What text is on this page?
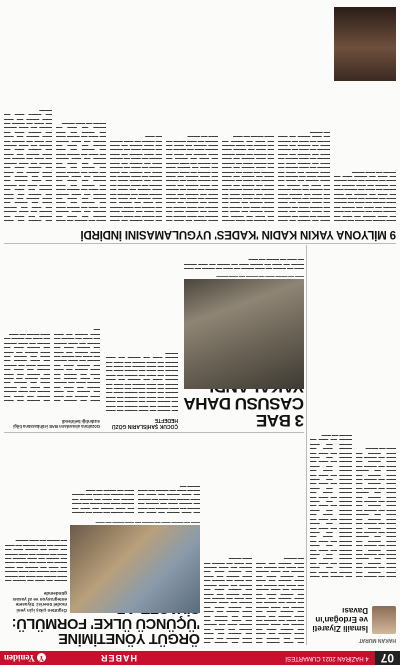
07
4 HAZİRAN 2021 CUMARTESİ
HABER
Y
Yeniden
HAKAN MURAT
İsmaili Ziyareti ve Erdoğan'ın Davası

▬▬▬ ▬▬ ▬▬▬▬ ▬▬ ▬▬▬ ▬▬▬▬ ▬▬ ▬▬▬ ▬▬ ▬▬▬▬ ▬▬ ▬▬▬ ▬▬▬▬ ▬▬ ▬▬▬ ▬▬ ▬▬▬▬ ▬▬▬ ▬▬ ▬▬▬▬ ▬▬ ▬▬▬ ▬▬▬▬ ▬▬ ▬▬▬ ▬▬ ▬▬▬▬ ▬▬ ▬▬▬ ▬▬▬▬ ▬▬ ▬▬▬ ▬▬ ▬▬▬▬ ▬▬▬ ▬▬ ▬▬▬▬ ▬▬ ▬▬▬ ▬▬▬▬ ▬▬ ▬▬▬ ▬▬ ▬▬▬▬ ▬▬ ▬▬▬ ▬▬▬▬ ▬▬ ▬▬▬ ▬▬ ▬▬▬▬ ▬▬▬ ▬▬ ▬▬▬▬ ▬▬ ▬▬▬ ▬▬▬▬ ▬▬ ▬▬▬ ▬▬ ▬▬▬▬ ▬▬ ▬▬▬ ▬▬▬▬ ▬▬ ▬▬▬ ▬▬ ▬▬▬▬ ▬▬▬ ▬▬ ▬▬▬▬ ▬▬ ▬▬▬ ▬▬▬▬ ▬▬ ▬▬▬ ▬▬ ▬▬▬▬ ▬▬ ▬▬▬ ▬▬▬▬ ▬▬ ▬▬▬ ▬▬ ▬▬▬▬ ▬▬▬ ▬▬ ▬▬▬▬ ▬▬ ▬▬▬ ▬▬▬▬ ▬▬ ▬▬▬ ▬▬ ▬▬▬▬ ▬▬ ▬▬▬ ▬▬▬▬ ▬▬ ▬▬▬ ▬▬ ▬▬▬▬

▬▬ ▬▬▬▬ ▬▬ ▬▬▬ ▬▬▬▬ ▬▬ ▬▬▬ ▬▬ ▬▬▬▬ ▬▬ ▬▬▬ ▬▬▬▬ ▬▬ ▬▬▬ ▬▬ ▬▬▬▬ ▬▬▬ ▬▬ ▬▬▬▬ ▬▬ ▬▬▬ ▬▬▬▬ ▬▬ ▬▬▬ ▬▬ ▬▬▬▬ ▬▬ ▬▬▬ ▬▬▬▬ ▬▬ ▬▬▬ ▬▬ ▬▬▬▬ ▬▬▬ ▬▬ ▬▬▬▬ ▬▬ ▬▬▬ ▬▬▬▬ ▬▬ ▬▬▬ ▬▬ ▬▬▬▬ ▬▬ ▬▬▬ ▬▬▬▬ ▬▬ ▬▬▬ ▬▬ ▬▬▬▬ ▬▬▬ ▬▬ ▬▬▬▬ ▬▬ ▬▬▬ ▬▬▬▬ ▬▬ ▬▬▬ ▬▬ ▬▬▬▬ ▬▬ ▬▬▬ ▬▬▬▬ ▬▬ ▬▬▬ ▬▬ ▬▬▬▬ ▬▬▬ ▬▬ ▬▬▬▬ ▬▬ ▬▬▬ ▬▬▬▬ ▬▬ ▬▬▬ ▬▬ ▬▬▬▬ ▬▬ ▬▬▬ ▬▬▬▬ ▬▬ ▬▬▬ ▬▬ ▬▬▬▬ ▬▬▬ ▬▬ ▬▬▬▬ ▬▬ ▬▬▬ ▬▬▬▬ ▬▬ ▬▬▬ ▬▬ ▬▬▬▬ ▬▬ ▬▬▬ ▬▬▬▬ ▬▬ ▬▬▬ ▬▬ ▬▬▬▬ ▬▬▬ ▬▬ ▬▬▬▬ ▬▬ ▬▬▬ ▬▬▬▬ ▬▬ ▬▬▬ ▬▬ ▬▬▬▬ ▬▬ ▬▬▬

▬▬ ▬▬▬ ▬▬▬▬ ▬▬ ▬▬▬ ▬▬ ▬▬▬▬ ▬▬ ▬▬▬ ▬▬▬▬ ▬▬ ▬▬▬ ▬▬ ▬▬▬▬ ▬▬▬ ▬▬ ▬▬▬▬ ▬▬ ▬▬▬ ▬▬▬▬ ▬▬ ▬▬▬ ▬▬ ▬▬▬▬ ▬▬ ▬▬▬ ▬▬▬▬ ▬▬ ▬▬▬ ▬▬ ▬▬▬▬ ▬▬▬ ▬▬ ▬▬▬▬ ▬▬ ▬▬▬ ▬▬▬▬ ▬▬ ▬▬▬ ▬▬ ▬▬▬▬ ▬▬ ▬▬▬ ▬▬▬▬ ▬▬ ▬▬▬ ▬▬ ▬▬▬▬ ▬▬▬ ▬▬ ▬▬▬▬ ▬▬ ▬▬▬ ▬▬▬▬ ▬▬ ▬▬▬ ▬▬ ▬▬▬▬ ▬▬ ▬▬▬ ▬▬▬▬ ▬▬ ▬▬▬ ▬▬ ▬▬▬▬ ▬▬▬ ▬▬ ▬▬▬▬ ▬▬ ▬▬▬ ▬▬▬▬ ▬▬ ▬▬▬ ▬▬ ▬▬▬▬ ▬▬ ▬▬▬ ▬▬▬▬ ▬▬ ▬▬▬ ▬▬ ▬▬▬▬

▬▬▬ ▬▬ ▬▬▬▬ ▬▬ ▬▬▬ ▬▬▬▬ ▬▬ ▬▬▬ ▬▬ ▬▬▬▬ ▬▬ ▬▬▬ ▬▬▬▬ ▬▬ ▬▬▬ ▬▬ ▬▬▬▬ ▬▬▬ ▬▬ ▬▬▬▬ ▬▬ ▬▬▬ ▬▬▬▬ ▬▬ ▬▬▬ ▬▬ ▬▬▬▬ ▬▬ ▬▬▬ ▬▬▬▬ ▬▬ ▬▬▬ ▬▬ ▬▬▬▬ ▬▬▬ ▬▬ ▬▬▬▬ ▬▬ ▬▬▬ ▬▬▬▬ ▬▬ ▬▬▬ ▬▬ ▬▬▬▬ ▬▬ ▬▬▬ ▬▬▬▬ ▬▬ ▬▬▬ ▬▬ ▬▬▬▬ ▬▬▬ ▬▬ ▬▬▬▬ ▬▬ ▬▬▬ ▬▬▬▬ ▬▬ ▬▬▬ ▬▬ ▬▬▬▬ ▬▬ ▬▬▬ ▬▬▬▬ ▬▬ ▬▬▬ ▬▬ ▬▬▬▬ ▬▬▬ ▬▬ ▬▬▬▬ ▬▬ ▬▬▬ ▬▬▬▬ ▬▬ ▬▬▬ ▬▬ ▬▬▬▬ ▬▬ ▬▬▬ ▬▬▬▬

ÖRGÜT YÖNETİMİNE 'ÜÇÜNCÜ ÜLKE' FORMÜLÜ:
Örgütten çıkış için yeni model önerisi: Siyasete entegrasyon ve af yasası gündemde
▬▬▬ ▬▬ ▬▬▬▬ ▬▬▬ ▬▬ ▬▬▬▬ ▬▬ ▬▬▬ ▬▬▬▬ ▬▬ ▬▬▬

▬▬▬▬ ▬▬ ▬▬▬ ▬▬ ▬▬▬▬ ▬▬ ▬▬▬ ▬▬▬▬ ▬▬ ▬▬▬ ▬▬ ▬▬▬▬ ▬▬▬ ▬▬ ▬▬▬▬ ▬▬ ▬▬▬ ▬▬▬▬ ▬▬ ▬▬▬ ▬▬ ▬▬▬▬ ▬▬ ▬▬▬ ▬▬▬▬ ▬▬ ▬▬▬ ▬▬ ▬▬▬▬ ▬▬▬ ▬▬ ▬▬▬▬ ▬▬ ▬▬▬ ▬▬▬▬ ▬▬ ▬▬▬ ▬▬ ▬▬▬▬ ▬▬ ▬▬▬ ▬▬▬▬ ▬▬ ▬▬▬ ▬▬ ▬▬▬▬ ▬▬▬ ▬▬ ▬▬▬▬ ▬▬ ▬▬▬ ▬▬▬▬ ▬▬ ▬▬▬ ▬▬ ▬▬▬▬ ▬▬ ▬▬▬ ▬▬▬▬

▬▬ ▬▬▬ ▬▬▬▬ ▬▬ ▬▬▬ ▬▬ ▬▬▬▬ ▬▬ ▬▬▬ ▬▬▬▬ ▬▬ ▬▬▬ ▬▬ ▬▬▬▬ ▬▬▬ ▬▬ ▬▬▬▬ ▬▬ ▬▬▬ ▬▬▬▬ ▬▬ ▬▬▬ ▬▬ ▬▬▬▬ ▬▬ ▬▬▬ ▬▬▬▬ ▬▬ ▬▬▬ ▬▬ ▬▬▬▬ ▬▬▬ ▬▬ ▬▬▬▬ ▬▬ ▬▬▬ ▬▬▬▬ ▬▬

▬▬▬ ▬▬▬▬ ▬▬ ▬▬▬ ▬▬ ▬▬▬▬ ▬▬ ▬▬▬ ▬▬▬▬ ▬▬ ▬▬▬ ▬▬ ▬▬▬▬ ▬▬▬ ▬▬ ▬▬▬▬ ▬▬ ▬▬▬ ▬▬▬▬ ▬▬ ▬▬▬ ▬▬ ▬▬▬▬ ▬▬ ▬▬▬ ▬▬▬▬ ▬▬ ▬▬▬ ▬▬ ▬▬▬▬ ▬▬▬ ▬▬ ▬▬▬▬ ▬▬ ▬▬▬

3 BAE CASUSU DAHA
▬▬▬ ▬▬ ▬▬▬▬ ▬▬▬ ▬▬ ▬▬▬▬ ▬▬ ▬▬▬ ▬▬▬▬
ÇOCUK ŞAHİSLARIN GÖZÜ HEDEFTE
Gözaltına alınanların BAE istihbaratına bilgi sızdırdığı belirlendi

▬▬ ▬▬▬▬ ▬▬ ▬▬▬ ▬▬▬▬ ▬▬ ▬▬▬ ▬▬ ▬▬▬▬ ▬▬ ▬▬▬ ▬▬▬▬ ▬▬ ▬▬▬ ▬▬ ▬▬▬▬ ▬▬▬ ▬▬ ▬▬▬▬ ▬▬ ▬▬▬ ▬▬▬▬ ▬▬ ▬▬▬ ▬▬ ▬▬▬▬ ▬▬ ▬▬▬ ▬▬▬▬ ▬▬ ▬▬▬ ▬▬ ▬▬▬▬ ▬▬▬ ▬▬ ▬▬▬▬ ▬▬ ▬▬▬ ▬▬▬▬ ▬▬ ▬▬▬ ▬▬ ▬▬▬▬ ▬▬ ▬▬▬ ▬▬▬▬ ▬▬ ▬▬▬ ▬▬ ▬▬▬▬ ▬▬▬ ▬▬ ▬▬▬▬ ▬▬ ▬▬▬ ▬▬▬▬ ▬▬ ▬▬▬ ▬▬ ▬▬▬▬ ▬▬ ▬▬▬ ▬▬▬▬ ▬▬ ▬▬▬ ▬▬ ▬▬▬▬ ▬▬▬ ▬▬ ▬▬▬▬ ▬▬ ▬▬▬ ▬▬▬▬ ▬▬ ▬▬▬ ▬▬ ▬▬▬▬ ▬▬ ▬▬▬ ▬▬▬▬ ▬▬ ▬▬▬ ▬▬ ▬▬▬▬ ▬▬▬ ▬▬ ▬▬▬▬ ▬▬ ▬▬▬ ▬▬▬▬

▬▬▬ ▬▬ ▬▬▬▬ ▬▬ ▬▬▬ ▬▬▬▬ ▬▬ ▬▬▬ ▬▬ ▬▬▬▬ ▬▬ ▬▬▬ ▬▬▬▬ ▬▬ ▬▬▬ ▬▬ ▬▬▬▬ ▬▬▬ ▬▬ ▬▬▬▬ ▬▬ ▬▬▬ ▬▬▬▬ ▬▬ ▬▬▬ ▬▬ ▬▬▬▬ ▬▬ ▬▬▬ ▬▬▬▬ ▬▬ ▬▬▬ ▬▬ ▬▬▬▬ ▬▬▬ ▬▬ ▬▬▬▬ ▬▬ ▬▬▬ ▬▬▬▬ ▬▬ ▬▬▬ ▬▬ ▬▬▬▬ ▬▬ ▬▬▬ ▬▬▬▬ ▬▬ ▬▬▬ ▬▬ ▬▬▬▬ ▬▬▬ ▬▬ ▬▬▬▬ ▬▬ ▬▬▬ ▬▬▬▬ ▬▬ ▬▬▬ ▬▬ ▬▬▬▬ ▬▬ ▬▬▬ ▬▬▬▬ ▬▬ ▬▬▬ ▬▬

▬▬ ▬▬▬▬ ▬▬ ▬▬▬ ▬▬▬▬ ▬▬ ▬▬▬ ▬▬ ▬▬▬▬ ▬▬ ▬▬▬ ▬▬▬▬ ▬▬ ▬▬▬ ▬▬ ▬▬▬▬ ▬▬▬ ▬▬ ▬▬▬▬ ▬▬ ▬▬▬ ▬▬▬▬ ▬▬ ▬▬▬ ▬▬ ▬▬▬▬ ▬▬ ▬▬▬ ▬▬▬▬ ▬▬ ▬▬▬ ▬▬ ▬▬▬▬ ▬▬▬ ▬▬ ▬▬▬▬ ▬▬ ▬▬▬ ▬▬▬▬ ▬▬ ▬▬▬ ▬▬ ▬▬▬▬ ▬▬ ▬▬▬ ▬▬▬▬ ▬▬ ▬▬▬ ▬▬ ▬▬▬▬ ▬▬▬ ▬▬ ▬▬▬▬ ▬▬ ▬▬▬ ▬▬▬▬ ▬▬ ▬▬▬ ▬▬ ▬▬▬▬ ▬▬ ▬▬▬ ▬▬▬▬ ▬▬ ▬▬▬

▬▬▬ ▬▬ ▬▬▬▬ ▬▬ ▬▬▬ ▬▬▬▬ ▬▬ ▬▬▬ ▬▬ ▬▬▬▬ ▬▬ ▬▬▬ ▬▬▬▬ ▬▬ ▬▬▬ ▬▬ ▬▬▬▬ ▬▬▬ ▬▬ ▬▬▬▬ ▬▬ ▬▬▬ ▬▬▬▬ ▬▬ ▬▬▬ ▬▬ ▬▬▬▬ ▬▬ ▬▬▬

9 MİLYONA YAKIN KADIN 'KADES' UYGULAMASINI İNDİRDİ

▬▬▬ ▬▬ ▬▬▬▬ ▬▬ ▬▬▬ ▬▬▬▬ ▬▬ ▬▬▬ ▬▬ ▬▬▬▬ ▬▬ ▬▬▬ ▬▬▬▬ ▬▬ ▬▬▬ ▬▬ ▬▬▬▬ ▬▬▬ ▬▬ ▬▬▬▬ ▬▬ ▬▬▬ ▬▬▬▬ ▬▬ ▬▬▬ ▬▬ ▬▬▬▬ ▬▬ ▬▬▬ ▬▬▬▬ ▬▬ ▬▬▬ ▬▬ ▬▬▬▬ ▬▬▬ ▬▬ ▬▬▬▬ ▬▬ ▬▬▬ ▬▬▬▬ ▬▬ ▬▬▬ ▬▬ ▬▬▬▬ ▬▬ ▬▬▬ ▬▬▬▬ ▬▬ ▬▬▬ ▬▬ ▬▬▬▬ ▬▬▬ ▬▬ ▬▬▬▬ ▬▬ ▬▬▬ ▬▬▬▬ ▬▬ ▬▬▬ ▬▬ ▬▬▬▬ ▬▬ ▬▬▬ ▬▬▬▬ ▬▬ ▬▬▬ ▬▬ ▬▬▬▬ ▬▬▬ ▬▬ ▬▬▬▬ ▬▬ ▬▬▬ ▬▬▬▬ ▬▬ ▬▬▬ ▬▬ ▬▬▬▬ ▬▬ ▬▬▬ ▬▬▬▬ ▬▬ ▬▬▬ ▬▬ ▬▬▬▬ ▬▬▬ ▬▬ ▬▬▬▬ ▬▬ ▬▬▬ ▬▬▬▬ ▬▬ ▬▬▬ ▬▬ ▬▬▬▬ ▬▬ ▬▬▬ ▬▬▬▬ ▬▬ ▬▬▬ ▬▬ ▬▬▬▬

▬▬ ▬▬▬▬ ▬▬ ▬▬▬ ▬▬▬▬ ▬▬ ▬▬▬ ▬▬ ▬▬▬▬ ▬▬ ▬▬▬ ▬▬▬▬ ▬▬ ▬▬▬ ▬▬ ▬▬▬▬ ▬▬▬ ▬▬ ▬▬▬▬ ▬▬ ▬▬▬ ▬▬▬▬ ▬▬ ▬▬▬ ▬▬ ▬▬▬▬ ▬▬ ▬▬▬ ▬▬▬▬ ▬▬ ▬▬▬ ▬▬ ▬▬▬▬ ▬▬▬ ▬▬ ▬▬▬▬ ▬▬ ▬▬▬ ▬▬▬▬ ▬▬ ▬▬▬ ▬▬ ▬▬▬▬ ▬▬ ▬▬▬ ▬▬▬▬ ▬▬ ▬▬▬ ▬▬ ▬▬▬▬ ▬▬▬ ▬▬ ▬▬▬▬ ▬▬ ▬▬▬ ▬▬▬▬ ▬▬ ▬▬▬ ▬▬ ▬▬▬▬ ▬▬ ▬▬▬ ▬▬▬▬ ▬▬ ▬▬▬ ▬▬ ▬▬▬▬ ▬▬▬ ▬▬ ▬▬▬▬ ▬▬ ▬▬▬ ▬▬▬▬ ▬▬ ▬▬▬ ▬▬ ▬▬▬▬ ▬▬ ▬▬▬ ▬▬▬▬ ▬▬ ▬▬▬ ▬▬ ▬▬▬▬ ▬▬▬ ▬▬ ▬▬▬▬ ▬▬ ▬▬▬ ▬▬▬▬ ▬▬ ▬▬▬ ▬▬ ▬▬▬▬ ▬▬ ▬▬▬ ▬▬▬▬ ▬▬ ▬▬▬

▬▬▬ ▬▬▬▬ ▬▬ ▬▬▬ ▬▬ ▬▬▬▬ ▬▬ ▬▬▬ ▬▬▬▬ ▬▬ ▬▬▬ ▬▬ ▬▬▬▬ ▬▬▬ ▬▬ ▬▬▬▬ ▬▬ ▬▬▬ ▬▬▬▬ ▬▬ ▬▬▬ ▬▬ ▬▬▬▬ ▬▬ ▬▬▬ ▬▬▬▬ ▬▬ ▬▬▬ ▬▬ ▬▬▬▬ ▬▬▬ ▬▬ ▬▬▬▬ ▬▬ ▬▬▬ ▬▬▬▬ ▬▬ ▬▬▬ ▬▬ ▬▬▬▬ ▬▬ ▬▬▬ ▬▬▬▬ ▬▬ ▬▬▬ ▬▬ ▬▬▬▬ ▬▬▬ ▬▬ ▬▬▬▬ ▬▬ ▬▬▬ ▬▬▬▬ ▬▬ ▬▬▬ ▬▬ ▬▬▬▬ ▬▬ ▬▬▬ ▬▬▬▬ ▬▬ ▬▬▬ ▬▬ ▬▬▬▬ ▬▬▬ ▬▬ ▬▬▬▬ ▬▬ ▬▬▬ ▬▬▬▬ ▬▬ ▬▬▬ ▬▬ ▬▬▬▬ ▬▬ ▬▬▬ ▬▬▬▬ ▬▬ ▬▬▬ ▬▬ ▬▬▬▬ ▬▬▬ ▬▬ ▬▬▬▬ ▬▬ ▬▬▬ ▬▬▬▬ ▬▬ ▬▬▬ ▬▬ ▬▬▬▬ ▬▬ ▬▬▬ ▬▬▬▬ ▬▬ ▬▬▬ ▬▬ ▬▬▬▬

▬▬ ▬▬▬ ▬▬▬▬ ▬▬ ▬▬▬ ▬▬ ▬▬▬▬ ▬▬ ▬▬▬ ▬▬▬▬ ▬▬ ▬▬▬ ▬▬ ▬▬▬▬ ▬▬▬ ▬▬ ▬▬▬▬ ▬▬ ▬▬▬ ▬▬▬▬ ▬▬ ▬▬▬ ▬▬ ▬▬▬▬ ▬▬ ▬▬▬ ▬▬▬▬ ▬▬ ▬▬▬ ▬▬ ▬▬▬▬ ▬▬▬ ▬▬ ▬▬▬▬ ▬▬ ▬▬▬ ▬▬▬▬ ▬▬ ▬▬▬ ▬▬ ▬▬▬▬ ▬▬ ▬▬▬ ▬▬▬▬ ▬▬ ▬▬▬ ▬▬ ▬▬▬▬ ▬▬▬ ▬▬ ▬▬▬▬ ▬▬ ▬▬▬ ▬▬▬▬ ▬▬ ▬▬▬ ▬▬ ▬▬▬▬ ▬▬ ▬▬▬ ▬▬▬▬ ▬▬ ▬▬▬ ▬▬ ▬▬▬▬ ▬▬▬ ▬▬ ▬▬▬▬ ▬▬ ▬▬▬ ▬▬▬▬ ▬▬ ▬▬▬ ▬▬ ▬▬▬▬ ▬▬ ▬▬▬ ▬▬▬▬ ▬▬ ▬▬▬ ▬▬ ▬▬▬▬ ▬▬▬ ▬▬ ▬▬▬▬ ▬▬ ▬▬▬ ▬▬▬▬ ▬▬ ▬▬▬ ▬▬ ▬▬▬▬ ▬▬ ▬▬▬ ▬▬▬▬ ▬▬ ▬▬▬

▬▬▬ ▬▬ ▬▬▬▬ ▬▬ ▬▬▬ ▬▬▬▬ ▬▬ ▬▬▬ ▬▬ ▬▬▬▬ ▬▬ ▬▬▬ ▬▬▬▬ ▬▬ ▬▬▬ ▬▬ ▬▬▬▬ ▬▬▬ ▬▬ ▬▬▬▬ ▬▬ ▬▬▬ ▬▬▬▬ ▬▬ ▬▬▬ ▬▬ ▬▬▬▬ ▬▬ ▬▬▬ ▬▬▬▬ ▬▬ ▬▬▬ ▬▬ ▬▬▬▬ ▬▬▬ ▬▬ ▬▬▬▬ ▬▬ ▬▬▬ ▬▬▬▬ ▬▬ ▬▬▬ ▬▬ ▬▬▬▬ ▬▬ ▬▬▬ ▬▬▬▬ ▬▬ ▬▬▬ ▬▬ ▬▬▬▬ ▬▬▬ ▬▬ ▬▬▬▬ ▬▬ ▬▬▬ ▬▬▬▬ ▬▬ ▬▬▬ ▬▬ ▬▬▬▬ ▬▬ ▬▬▬ ▬▬▬▬ ▬▬ ▬▬▬ ▬▬ ▬▬▬▬ ▬▬▬ ▬▬ ▬▬▬▬ ▬▬ ▬▬▬ ▬▬▬▬ ▬▬ ▬▬▬ ▬▬ ▬▬▬▬ ▬▬ ▬▬▬ ▬▬▬▬ ▬▬ ▬▬▬ ▬▬ ▬▬▬▬ ▬▬▬ ▬▬ ▬▬▬▬ ▬▬ ▬▬▬ ▬▬▬▬ ▬▬ ▬▬▬ ▬▬ ▬▬▬▬ ▬▬ ▬▬▬ ▬▬▬▬

▬▬ ▬▬▬▬ ▬▬ ▬▬▬ ▬▬▬▬ ▬▬ ▬▬▬ ▬▬ ▬▬▬▬ ▬▬ ▬▬▬ ▬▬▬▬ ▬▬ ▬▬▬ ▬▬ ▬▬▬▬ ▬▬▬ ▬▬ ▬▬▬▬ ▬▬ ▬▬▬ ▬▬▬▬ ▬▬ ▬▬▬ ▬▬ ▬▬▬▬ ▬▬ ▬▬▬ ▬▬▬▬ ▬▬ ▬▬▬ ▬▬ ▬▬▬▬ ▬▬▬ ▬▬ ▬▬▬▬ ▬▬ ▬▬▬ ▬▬▬▬ ▬▬ ▬▬▬ ▬▬ ▬▬▬▬ ▬▬ ▬▬▬ ▬▬▬▬ ▬▬ ▬▬▬ ▬▬ ▬▬▬▬ ▬▬▬ ▬▬ ▬▬▬▬ ▬▬ ▬▬▬ ▬▬▬▬ ▬▬ ▬▬▬ ▬▬ ▬▬▬▬ ▬▬ ▬▬▬ ▬▬▬▬ ▬▬ ▬▬▬ ▬▬ ▬▬▬▬ ▬▬▬ ▬▬ ▬▬▬▬ ▬▬ ▬▬▬ ▬▬▬▬ ▬▬ ▬▬▬ ▬▬ ▬▬▬▬ ▬▬ ▬▬▬ ▬▬▬▬ ▬▬ ▬▬▬ ▬▬ ▬▬▬▬ ▬▬▬ ▬▬ ▬▬▬▬ ▬▬ ▬▬▬ ▬▬▬▬ ▬▬ ▬▬▬ ▬▬ ▬▬▬▬ ▬▬ ▬▬▬ ▬▬▬▬ ▬▬ ▬▬▬ ▬▬ ▬▬▬▬ ▬▬▬ ▬▬ ▬▬▬▬

▬▬▬ ▬▬▬▬ ▬▬ ▬▬▬ ▬▬ ▬▬▬▬ ▬▬ ▬▬▬ ▬▬▬▬ ▬▬ ▬▬▬ ▬▬ ▬▬▬▬ ▬▬▬ ▬▬ ▬▬▬▬ ▬▬ ▬▬▬ ▬▬▬▬ ▬▬ ▬▬▬ ▬▬ ▬▬▬▬ ▬▬ ▬▬▬ ▬▬▬▬ ▬▬ ▬▬▬ ▬▬ ▬▬▬▬ ▬▬▬ ▬▬ ▬▬▬▬ ▬▬ ▬▬▬ ▬▬▬▬ ▬▬ ▬▬▬ ▬▬ ▬▬▬▬ ▬▬ ▬▬▬ ▬▬▬▬ ▬▬ ▬▬▬ ▬▬ ▬▬▬▬ ▬▬▬ ▬▬ ▬▬▬▬ ▬▬ ▬▬▬ ▬▬▬▬ ▬▬ ▬▬▬ ▬▬ ▬▬▬▬ ▬▬ ▬▬▬ ▬▬▬▬ ▬▬ ▬▬▬ ▬▬ ▬▬▬▬ ▬▬▬ ▬▬ ▬▬▬▬ ▬▬ ▬▬▬ ▬▬▬▬
